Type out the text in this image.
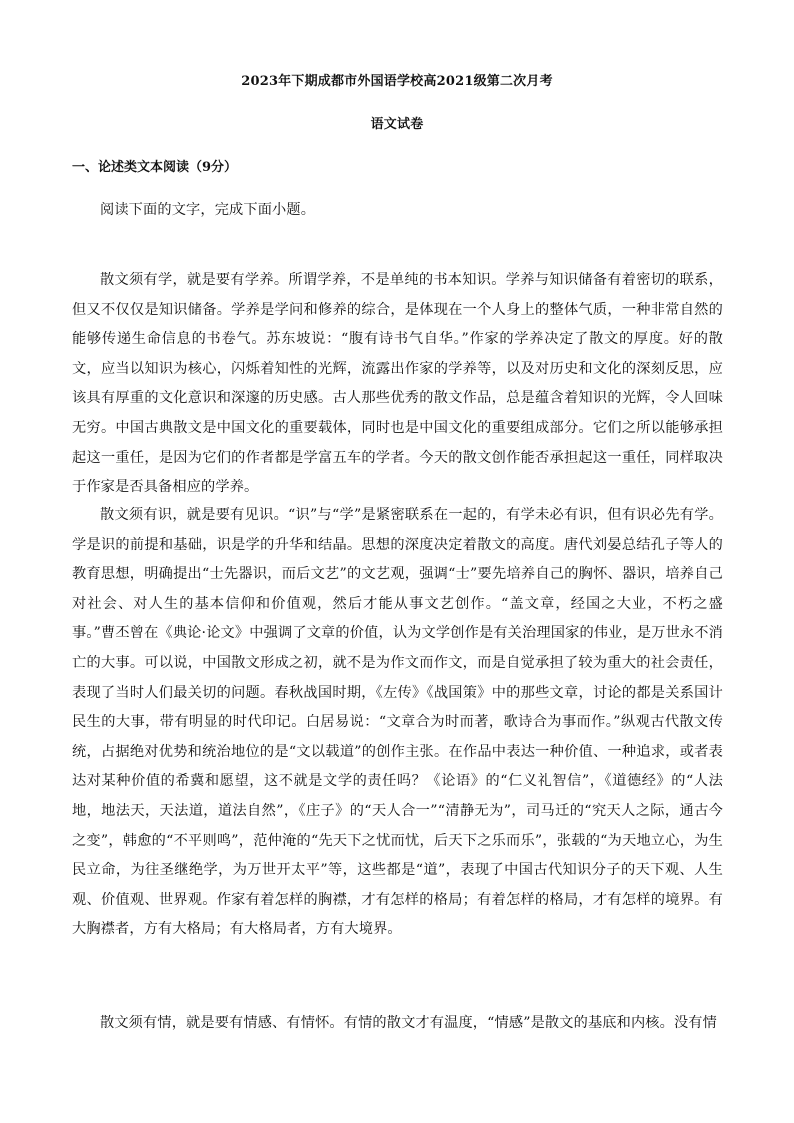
2023年下期成都市外国语学校高2021级第二次月考
语文试卷
一、论述类文本阅读（9分）

阅读下面的文字，完成下面小题。

散文须有学，就是要有学养。所谓学养，不是单纯的书本知识。学养与知识储备有着密切的联系，但又不仅仅是知识储备。学养是学问和修养的综合，是体现在一个人身上的整体气质，一种非常自然的能够传递生命信息的书卷气。苏东坡说：“腹有诗书气自华。”作家的学养决定了散文的厚度。好的散文，应当以知识为核心，闪烁着知性的光辉，流露出作家的学养等，以及对历史和文化的深刻反思，应该具有厚重的文化意识和深邃的历史感。古人那些优秀的散文作品，总是蕴含着知识的光辉，令人回味无穷。中国古典散文是中国文化的重要载体，同时也是中国文化的重要组成部分。它们之所以能够承担起这一重任，是因为它们的作者都是学富五车的学者。今天的散文创作能否承担起这一重任，同样取决于作家是否具备相应的学养。

散文须有识，就是要有见识。“识”与“学”是紧密联系在一起的，有学未必有识，但有识必先有学。学是识的前提和基础，识是学的升华和结晶。思想的深度决定着散文的高度。唐代刘晏总结孔子等人的教育思想，明确提出“士先器识，而后文艺”的文艺观，强调“士”要先培养自己的胸怀、器识，培养自己对社会、对人生的基本信仰和价值观，然后才能从事文艺创作。“盖文章，经国之大业，不朽之盛事。”曹丕曾在《典论·论文》中强调了文章的价值，认为文学创作是有关治理国家的伟业，是万世永不消亡的大事。可以说，中国散文形成之初，就不是为作文而作文，而是自觉承担了较为重大的社会责任，表现了当时人们最关切的问题。春秋战国时期，《左传》《战国策》中的那些文章，讨论的都是关系国计民生的大事，带有明显的时代印记。白居易说：“文章合为时而著，歌诗合为事而作。”纵观古代散文传统，占据绝对优势和统治地位的是“文以载道”的创作主张。在作品中表达一种价值、一种追求，或者表达对某种价值的希冀和愿望，这不就是文学的责任吗？《论语》的“仁义礼智信”，《道德经》的“人法地，地法天，天法道，道法自然”，《庄子》的“天人合一”“清静无为”，司马迁的“究天人之际，通古今之变”，韩愈的“不平则鸣”，范仲淹的“先天下之忧而忧，后天下之乐而乐”，张载的“为天地立心，为生民立命，为往圣继绝学，为万世开太平”等，这些都是“道”，表现了中国古代知识分子的天下观、人生观、价值观、世界观。作家有着怎样的胸襟，才有怎样的格局；有着怎样的格局，才有怎样的境界。有大胸襟者，方有大格局；有大格局者，方有大境界。

散文须有情，就是要有情感、有情怀。有情的散文才有温度，“情感”是散文的基底和内核。没有情
